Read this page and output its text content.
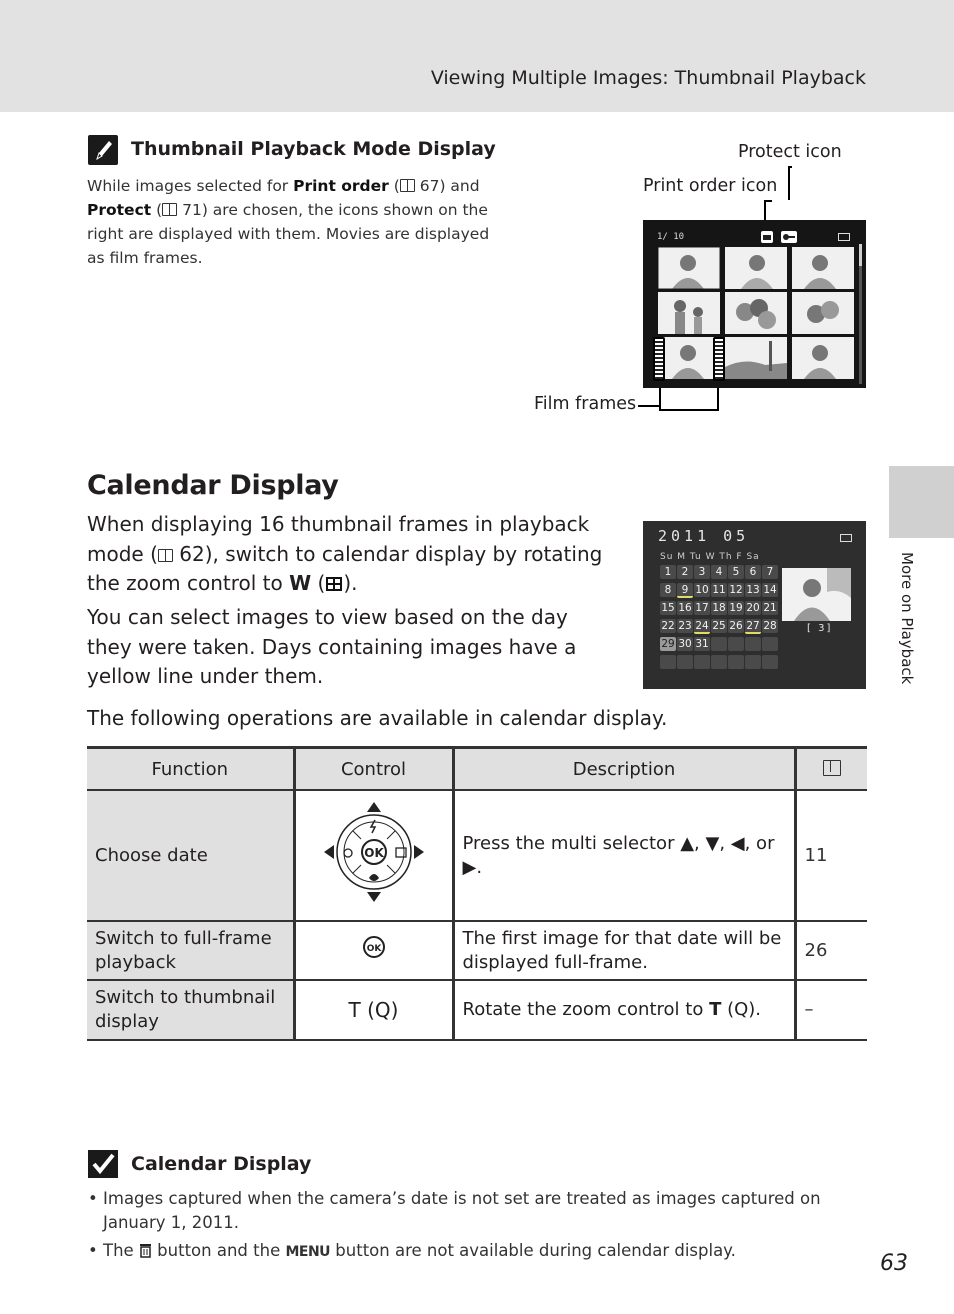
Viewing Multiple Images: Thumbnail Playback
More on Playback
Thumbnail Playback Mode Display
While images selected for Print order ( 67) and Protect ( 71) are chosen, the icons shown on the right are displayed with them. Movies are displayed as film frames.
Protect icon
Print order icon
Film frames
1/ 10
Calendar Display
When displaying 16 thumbnail frames in playback mode ( 62), switch to calendar display by rotating the zoom control to W ( ).
You can select images to view based on the day they were taken. Days containing images have a yellow line under them.
The following operations are available in calendar display.
2011 05
Su M Tu W Th F Sa
1 2 3 4 5 6 7
8 9 10 11 12 13 14
15 16 17 18 19 20 21
22 23 24 25 26 27 28
29 30 31
[ 3]
Function	Control	Description	
Choose date	OK	Press the multi selector ▲, ▼, ◀, or ▶.	11
Switch to full-frame playback	OK	The first image for that date will be displayed full-frame.	26
Switch to thumbnail display	T (Q)	Rotate the zoom control to T (Q).	–
Calendar Display
• Images captured when the camera’s date is not set are treated as images captured on January 1, 2011.
• The  button and the MENU button are not available during calendar display.
63
